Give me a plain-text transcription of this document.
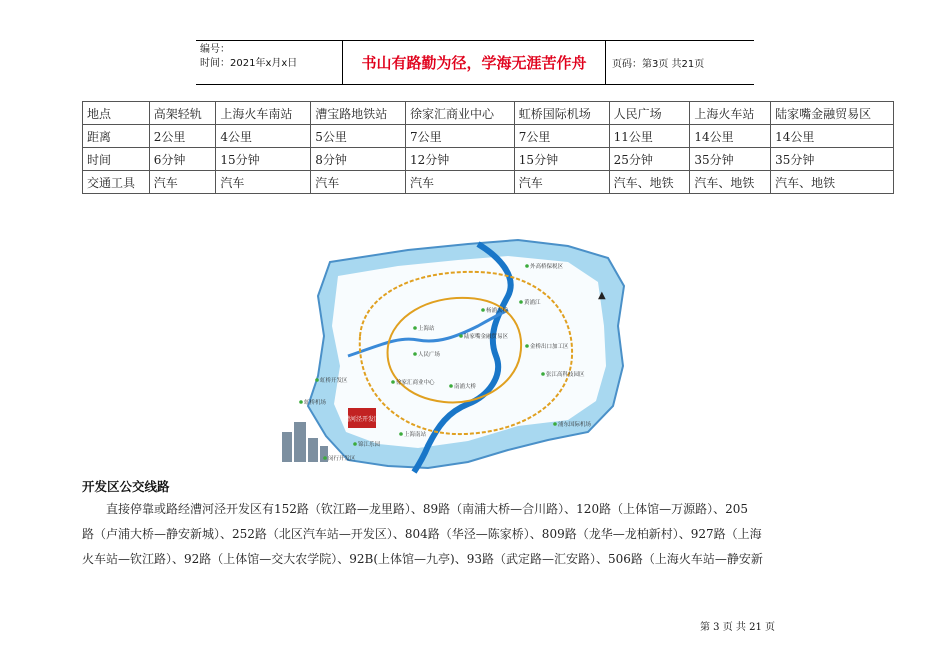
编号：
时间：2021年x月x日	书山有路勤为径，学海无涯苦作舟	页码：第3页 共21页
地点	高架轻轨	上海火车南站	漕宝路地铁站	徐家汇商业中心	虹桥国际机场	人民广场	上海火车站	陆家嘴金融贸易区
距离	2公里	4公里	5公里	7公里	7公里	11公里	14公里	14公里
时间	6分钟	15分钟	8分钟	12分钟	15分钟	25分钟	35分钟	35分钟
交通工具	汽车	汽车	汽车	汽车	汽车	汽车、地铁	汽车、地铁	汽车、地铁
漕河泾开发区
外高桥保税区
黄浦江
上海站
陆家嘴金融贸易区
人民广场
金桥出口加工区
虹桥开发区	徐家汇商业中心
张江高科技园区
虹桥机场
浦东国际机场
南浦大桥
杨浦大桥
上海南站
锦江乐园
闵行开发区
▲
开发区公交线路

直接停靠或路经漕河泾开发区有152路（钦江路—龙里路）、89路（南浦大桥—合川路）、120路（上体馆—万源路）、205

路（卢浦大桥—静安新城）、252路（北区汽车站—开发区）、804路（华泾—陈家桥）、809路（龙华—龙柏新村）、927路（上海

火车站—钦江路）、92路（上体馆—交大农学院）、92B(上体馆—九亭)、93路（武定路—汇安路）、506路（上海火车站—静安新

第 3 页 共 21 页
